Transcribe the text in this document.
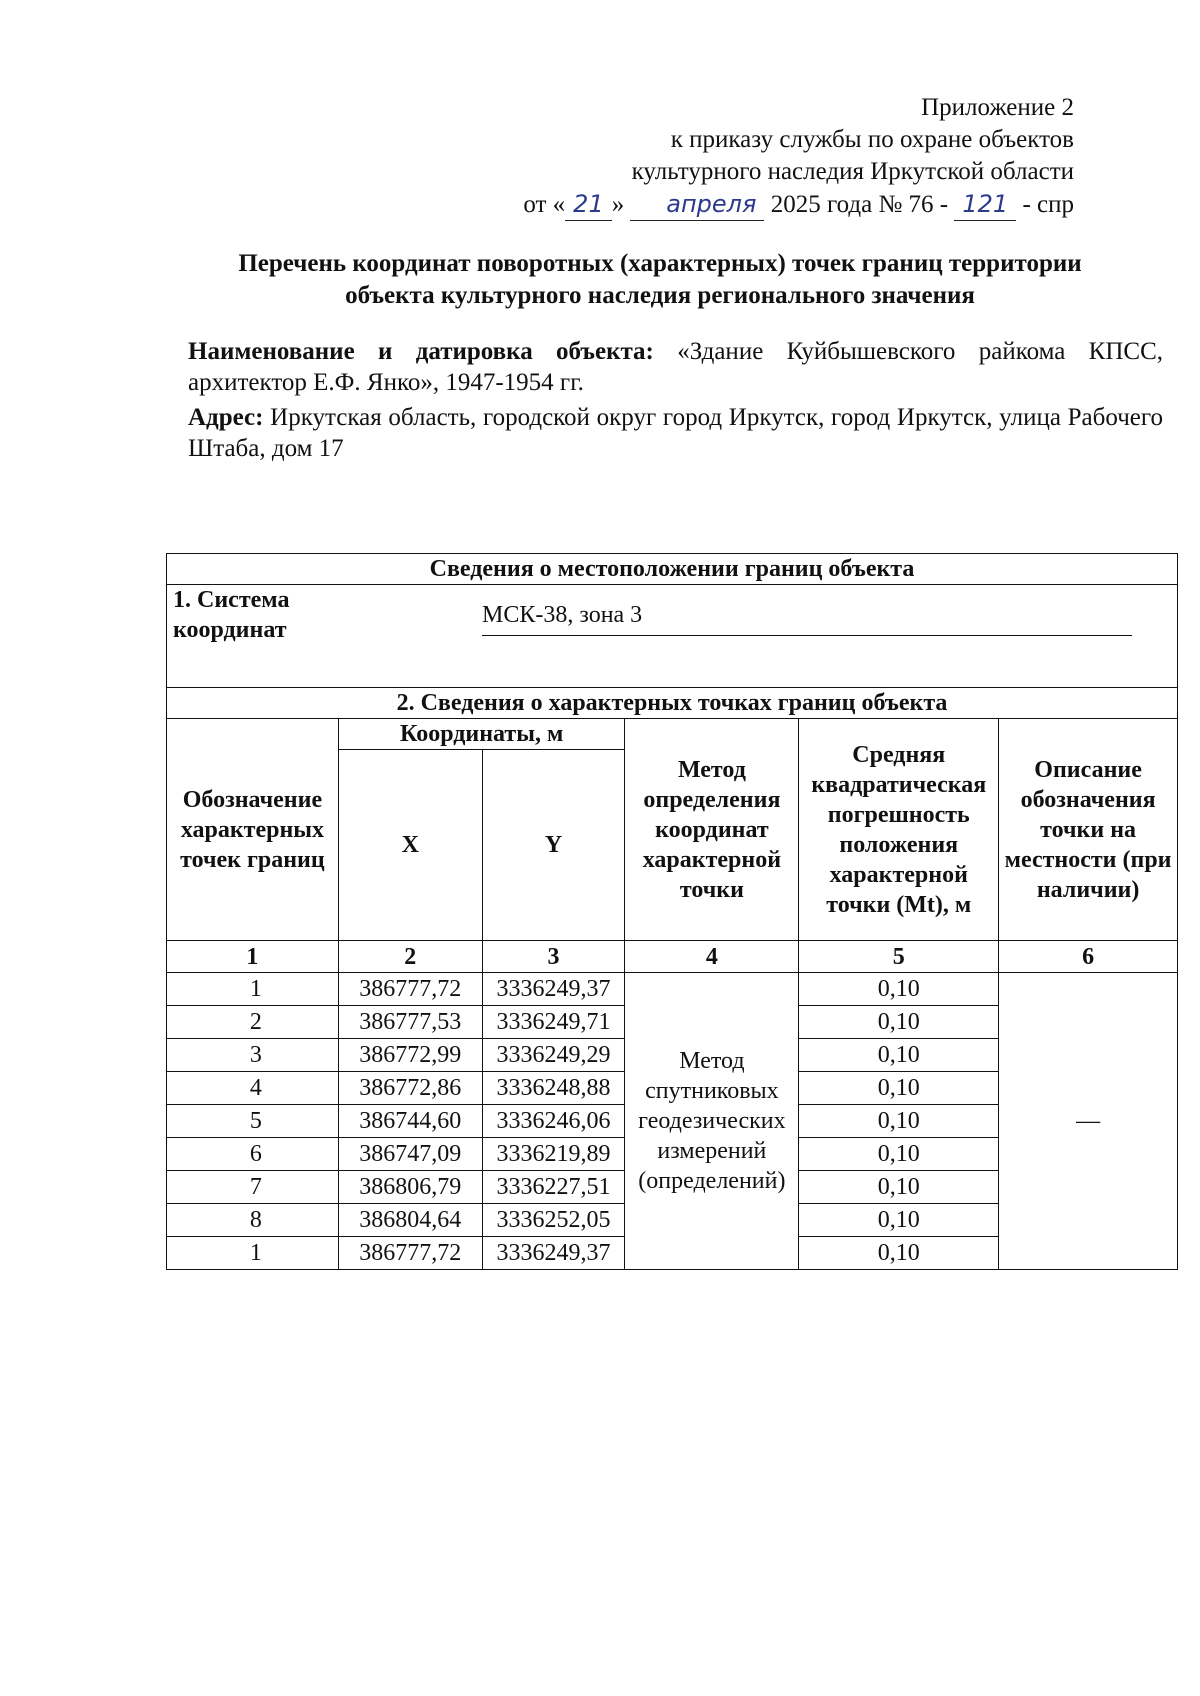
Приложение 2
к приказу службы по охране объектов
культурного наследия Иркутской области
от « 21 » апреля 2025 года № 76 - 121 - спр
Перечень координат поворотных (характерных) точек границ территории
объекта культурного наследия регионального значения
Наименование и датировка объекта: «Здание Куйбышевского райкома КПСС, архитектор Е.Ф. Янко», 1947-1954 гг.
Адрес: Иркутская область, городской округ город Иркутск, город Иркутск, улица Рабочего Штаба, дом 17
Сведения о местоположении границ объекта					

1. Система координат
МСК-38, зона 3					

2. Сведения о характерных точках границ объекта					
Обозначение характерных точек границ	Координаты, м		Метод определения координат характерной точки	Средняя квадратическая погрешность положения характерной точки (Mt), м	Описание обозначения точки на местности (при наличии)
	X	Y			
1	2	3	4	5	6
1	386777,72	3336249,37	Метод спутниковых геодезических измерений (определений)	0,10	—
2	386777,53	3336249,71		0,10	
3	386772,99	3336249,29		0,10	
4	386772,86	3336248,88		0,10	
5	386744,60	3336246,06		0,10	
6	386747,09	3336219,89		0,10	
7	386806,79	3336227,51		0,10	
8	386804,64	3336252,05		0,10	
1	386777,72	3336249,37		0,10	
